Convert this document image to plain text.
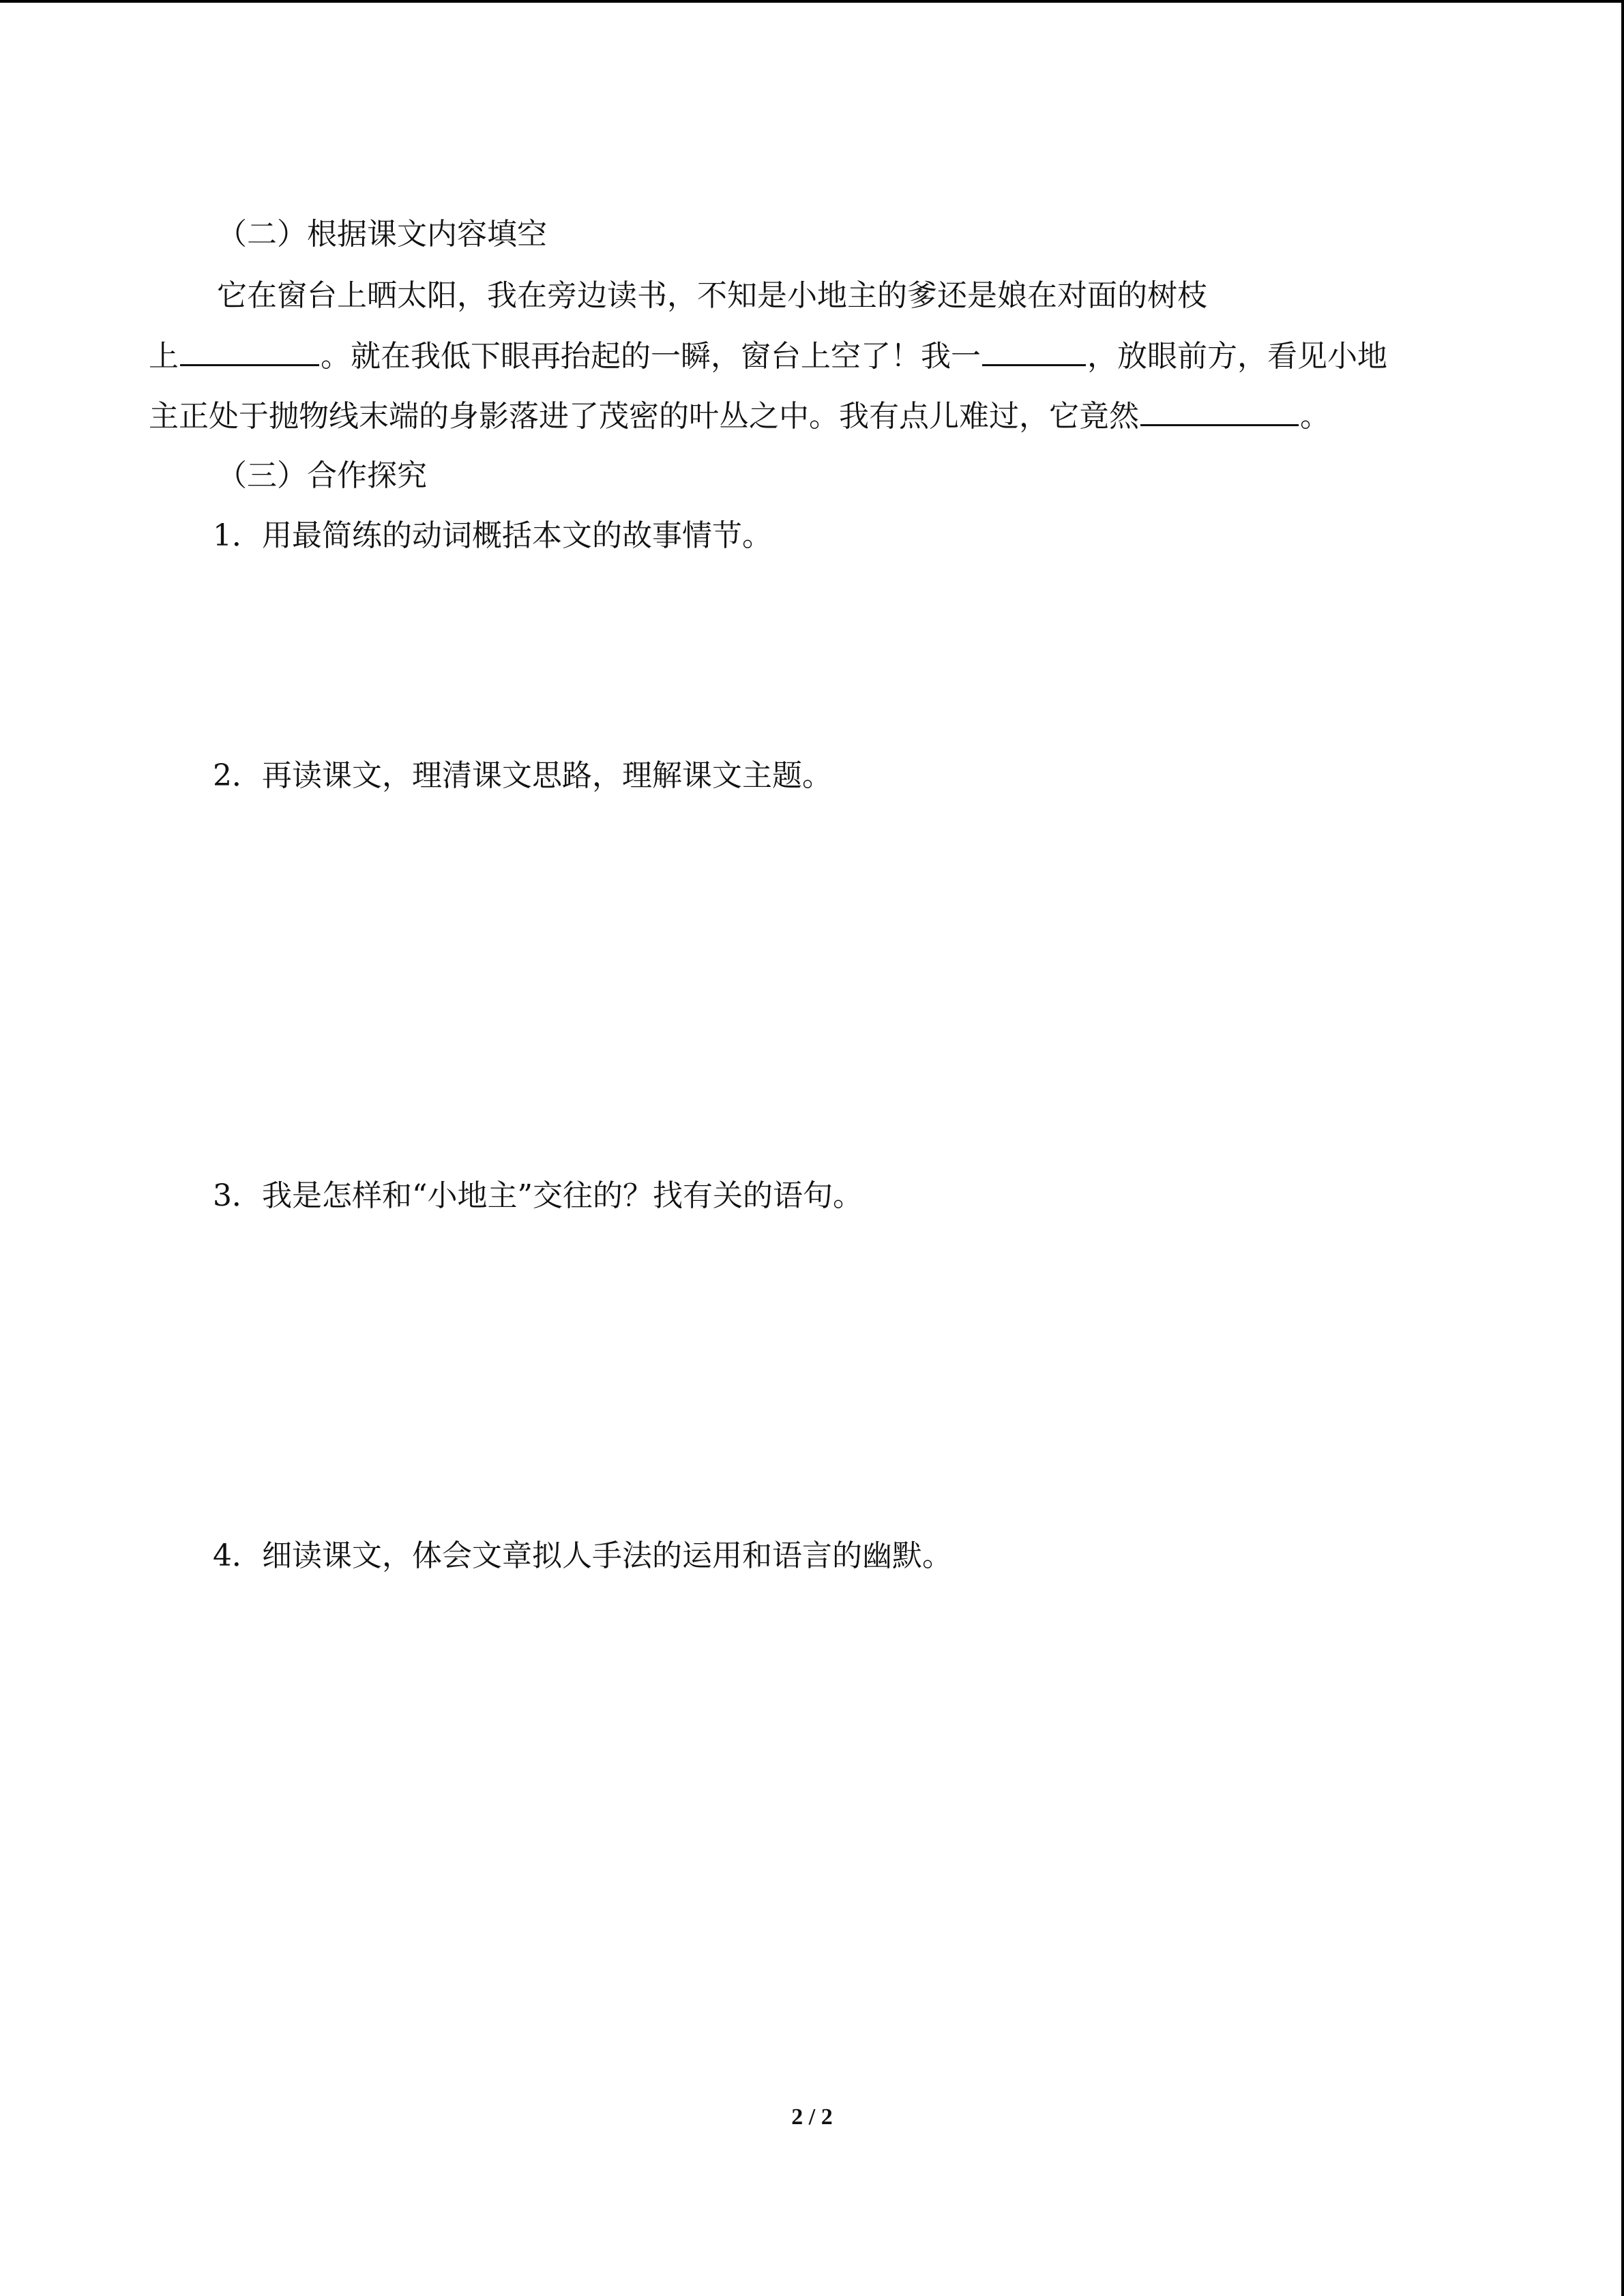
（二）根据课文内容填空
它在窗台上晒太阳，我在旁边读书，不知是小地主的爹还是娘在对面的树枝
上	。就在我低下眼再抬起的一瞬，窗台上空了！我一	，放眼前方，看见小地
主正处于抛物线末端的身影落进了茂密的叶丛之中。我有点儿难过，它竟然	。
（三）合作探究
1．用最简练的动词概括本文的故事情节。
2．再读课文，理清课文思路，理解课文主题。
3．我是怎样和“小地主”交往的？找有关的语句。
4．细读课文，体会文章拟人手法的运用和语言的幽默。
2 / 2
